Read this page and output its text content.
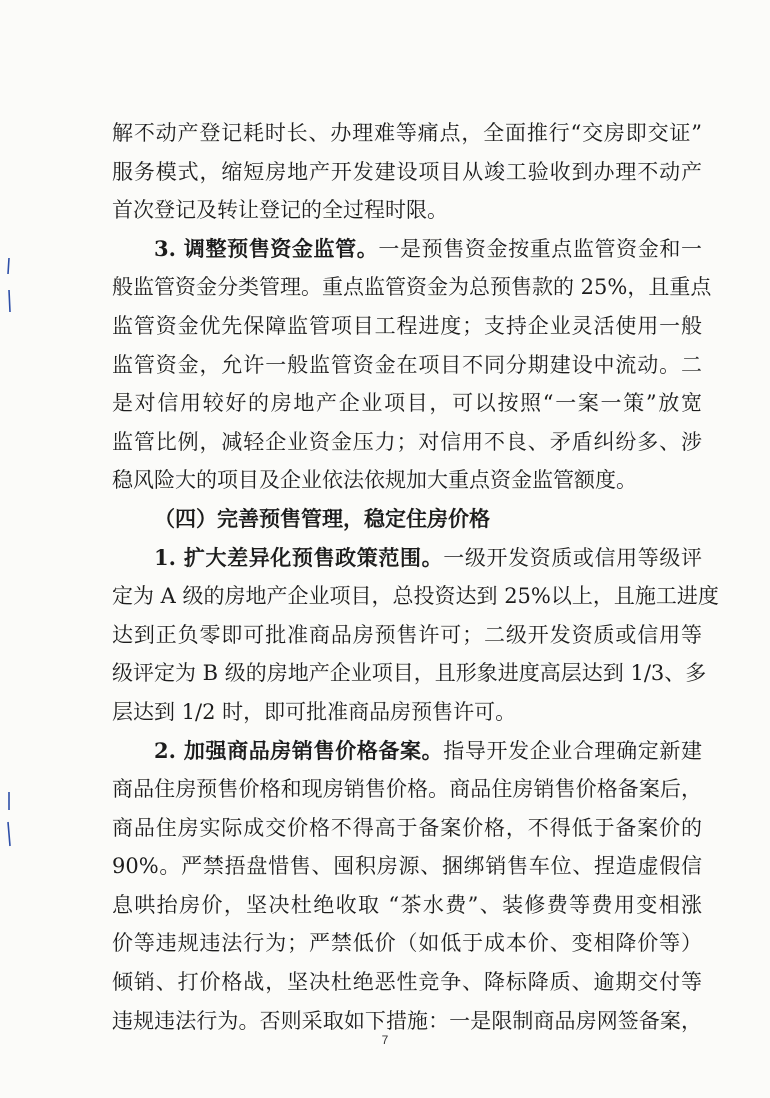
解不动产登记耗时长、办理难等痛点，全面推行“交房即交证”
服务模式，缩短房地产开发建设项目从竣工验收到办理不动产
首次登记及转让登记的全过程时限。
3. 调整预售资金监管。一是预售资金按重点监管资金和一
般监管资金分类管理。重点监管资金为总预售款的 25%，且重点
监管资金优先保障监管项目工程进度；支持企业灵活使用一般
监管资金，允许一般监管资金在项目不同分期建设中流动。二
是对信用较好的房地产企业项目，可以按照“一案一策”放宽
监管比例，减轻企业资金压力；对信用不良、矛盾纠纷多、涉
稳风险大的项目及企业依法依规加大重点资金监管额度。
（四）完善预售管理，稳定住房价格
1. 扩大差异化预售政策范围。一级开发资质或信用等级评
定为 A 级的房地产企业项目，总投资达到 25%以上，且施工进度
达到正负零即可批准商品房预售许可；二级开发资质或信用等
级评定为 B 级的房地产企业项目，且形象进度高层达到 1/3、多
层达到 1/2 时，即可批准商品房预售许可。
2. 加强商品房销售价格备案。指导开发企业合理确定新建
商品住房预售价格和现房销售价格。商品住房销售价格备案后，
商品住房实际成交价格不得高于备案价格，不得低于备案价的
90%。严禁捂盘惜售、囤积房源、捆绑销售车位、捏造虚假信
息哄抬房价，坚决杜绝收取 “茶水费”、装修费等费用变相涨
价等违规违法行为；严禁低价（如低于成本价、变相降价等）
倾销、打价格战，坚决杜绝恶性竞争、降标降质、逾期交付等
违规违法行为。否则采取如下措施：一是限制商品房网签备案，
7
